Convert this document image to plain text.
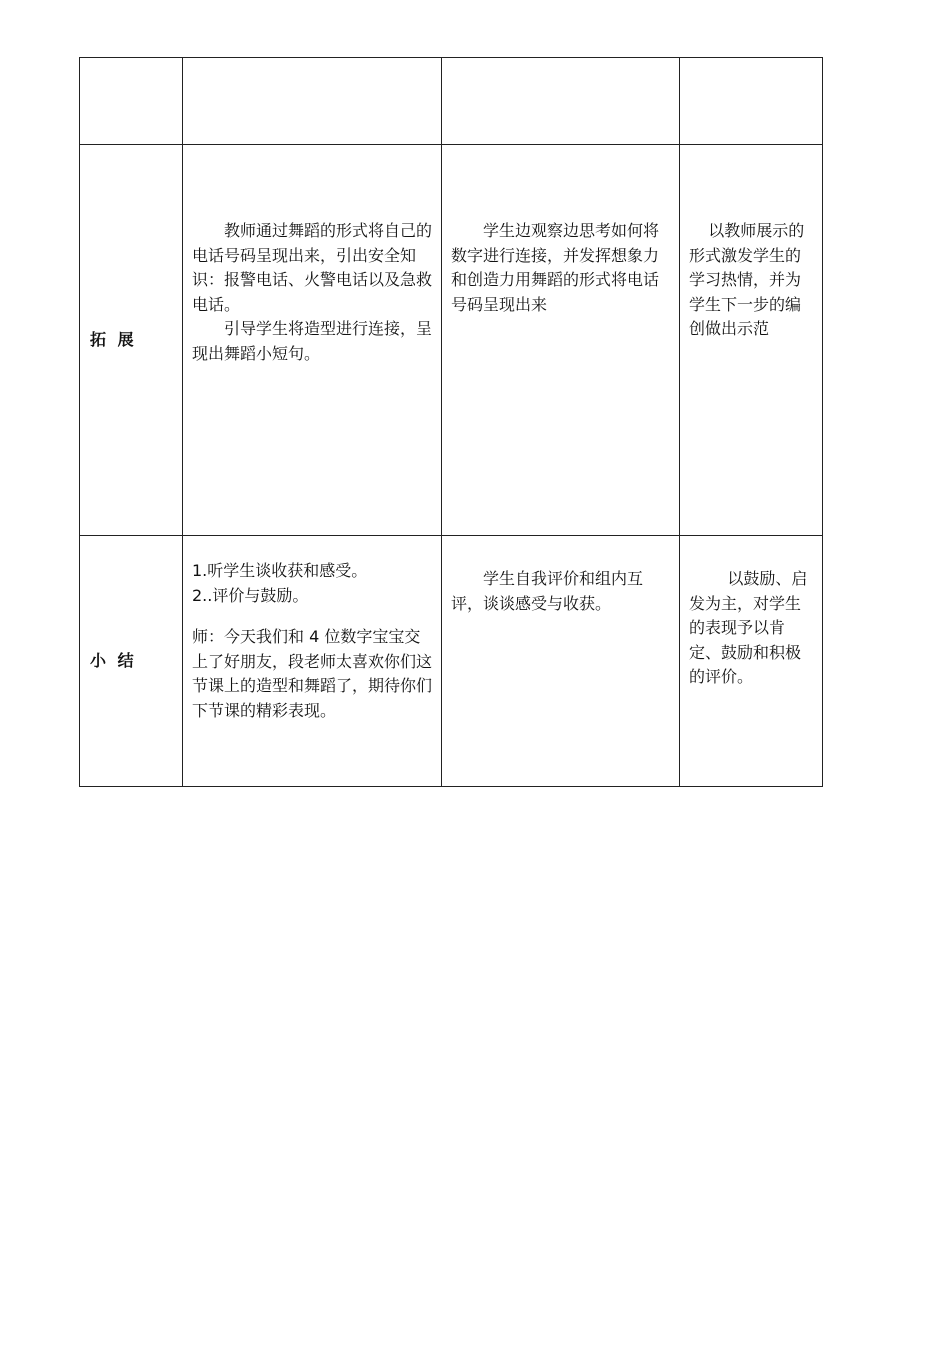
拓 展	教师通过舞蹈的形式将自己的电话号码呈现出来，引出安全知识：报警电话、火警电话以及急救电话。

引导学生将造型进行连接，呈现出舞蹈小短句。	学生边观察边思考如何将数字进行连接，并发挥想象力和创造力用舞蹈的形式将电话号码呈现出来	以教师展示的形式激发学生的学习热情，并为学生下一步的编创做出示范

小 结	1.听学生谈收获和感受。

2..评价与鼓励。

师：今天我们和 4 位数字宝宝交上了好朋友，段老师太喜欢你们这节课上的造型和舞蹈了，期待你们下节课的精彩表现。	学生自我评价和组内互评，谈谈感受与收获。	以鼓励、启发为主，对学生的表现予以肯定、鼓励和积极的评价。
